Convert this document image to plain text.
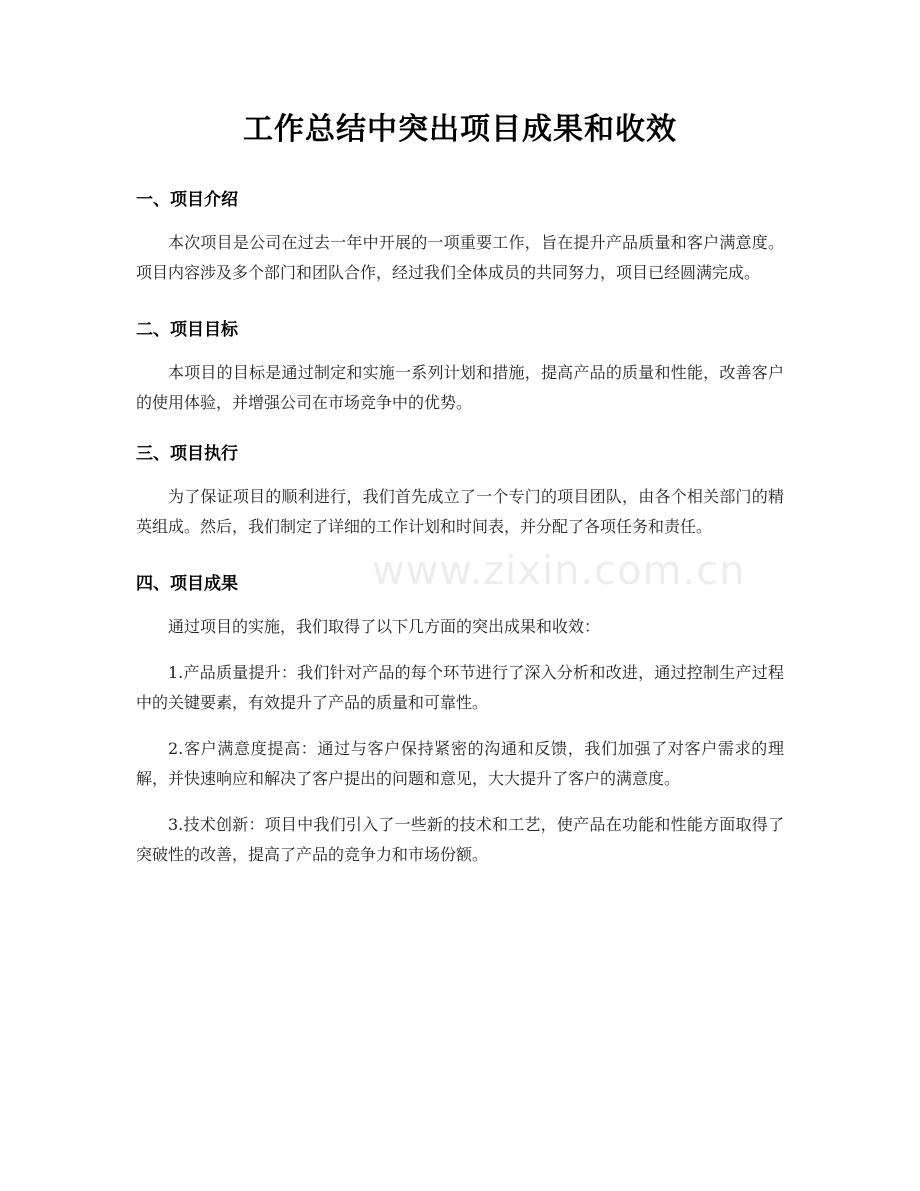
工作总结中突出项目成果和收效
一、项目介绍

本次项目是公司在过去一年中开展的一项重要工作，旨在提升产品质量和客户满意度。项目内容涉及多个部门和团队合作，经过我们全体成员的共同努力，项目已经圆满完成。

二、项目目标

本项目的目标是通过制定和实施一系列计划和措施，提高产品的质量和性能，改善客户的使用体验，并增强公司在市场竞争中的优势。

三、项目执行

为了保证项目的顺利进行，我们首先成立了一个专门的项目团队，由各个相关部门的精英组成。然后，我们制定了详细的工作计划和时间表，并分配了各项任务和责任。

四、项目成果

通过项目的实施，我们取得了以下几方面的突出成果和收效：

1.产品质量提升：我们针对产品的每个环节进行了深入分析和改进，通过控制生产过程中的关键要素，有效提升了产品的质量和可靠性。

2.客户满意度提高：通过与客户保持紧密的沟通和反馈，我们加强了对客户需求的理解，并快速响应和解决了客户提出的问题和意见，大大提升了客户的满意度。

3.技术创新：项目中我们引入了一些新的技术和工艺，使产品在功能和性能方面取得了突破性的改善，提高了产品的竞争力和市场份额。

www.zixin.com.cn
